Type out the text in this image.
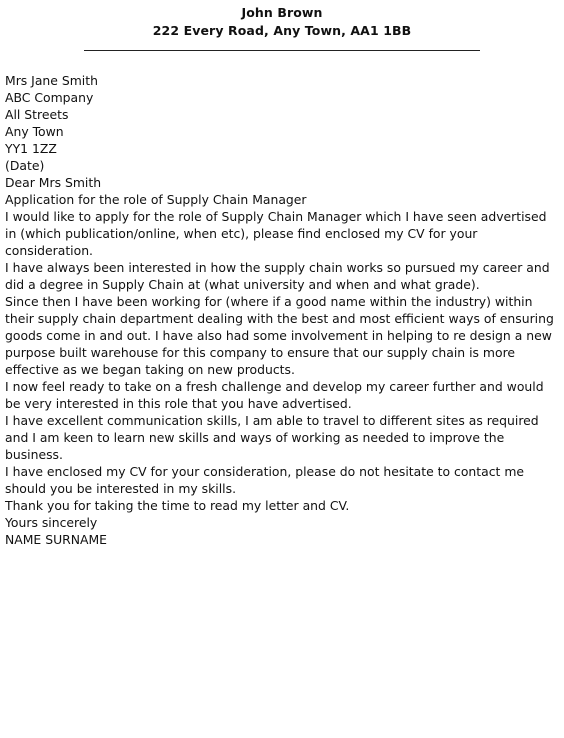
John Brown
222 Every Road, Any Town, AA1 1BB
Mrs Jane Smith
ABC Company
All Streets
Any Town
YY1 1ZZ

(Date)

Dear Mrs Smith

Application for the role of Supply Chain Manager

I would like to apply for the role of Supply Chain Manager which I have seen advertised in (which publication/online, when etc), please find enclosed my CV for your consideration.

I have always been interested in how the supply chain works so pursued my career and did a degree in Supply Chain at (what university and when and what grade).

Since then I have been working for (where if a good name within the industry) within their supply chain department dealing with the best and most efficient ways of ensuring goods come in and out. I have also had some involvement in helping to re design a new purpose built warehouse for this company to ensure that our supply chain is more effective as we began taking on new products.

I now feel ready to take on a fresh challenge and develop my career further and would be very interested in this role that you have advertised.

I have excellent communication skills, I am able to travel to different sites as required and I am keen to learn new skills and ways of working as needed to improve the business.

I have enclosed my CV for your consideration, please do not hesitate to contact me should you be interested in my skills.

Thank you for taking the time to read my letter and CV.

Yours sincerely

NAME SURNAME
